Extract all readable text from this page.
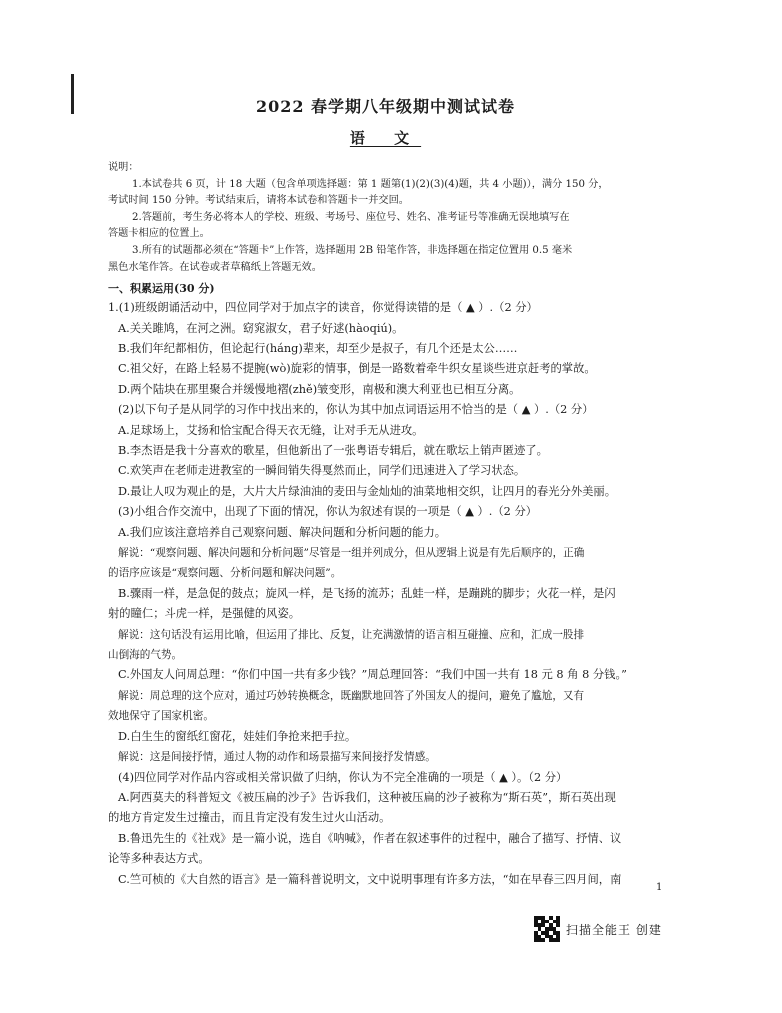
2022 春学期八年级期中测试试卷
语 文
说明：
1.本试卷共 6 页，计 18 大题（包含单项选择题：第 1 题第(1)(2)(3)(4)题，共 4 小题)），满分 150 分，
考试时间 150 分钟。考试结束后，请将本试卷和答题卡一并交回。
2.答题前，考生务必将本人的学校、班级、考场号、座位号、姓名、准考证号等准确无误地填写在
答题卡相应的位置上。
3.所有的试题都必须在“答题卡”上作答，选择题用 2B 铅笔作答，非选择题在指定位置用 0.5 毫米
黑色水笔作答。在试卷或者草稿纸上答题无效。
一、积累运用(30 分)
1.(1)班级朗诵活动中，四位同学对于加点字的读音，你觉得读错的是（ ▲ ）.（2 分）
A.关关雎鸠，在河之洲。窈窕淑女，君子好逑(hàoqiú)。
B.我们年纪都相仿，但论起行(háng)辈来，却至少是叔子，有几个还是太公……
C.祖父好，在路上轻易不提腕(wò)旋彩的情事，倒是一路数着牵牛织女星谈些进京赶考的掌故。
D.两个陆块在那里聚合并缓慢地褶(zhě)皱变形，南极和澳大利亚也已相互分离。
(2)以下句子是从同学的习作中找出来的，你认为其中加点词语运用不恰当的是（ ▲ ）.（2 分）
A.足球场上，艾扬和恰宝配合得天衣无缝，让对手无从进攻。
B.李杰语是我十分喜欢的歌星，但他新出了一张粤语专辑后，就在歌坛上销声匿迹了。
C.欢笑声在老师走进教室的一瞬间销失得戛然而止，同学们迅速进入了学习状态。
D.最让人叹为观止的是，大片大片绿油油的麦田与金灿灿的油菜地相交织，让四月的春光分外美丽。
(3)小组合作交流中，出现了下面的情况，你认为叙述有误的一项是（ ▲ ）.（2 分）
A.我们应该注意培养自己观察问题、解决问题和分析问题的能力。
解说：“观察问题、解决问题和分析问题”尽管是一组并列成分，但从逻辑上说是有先后顺序的，正确
的语序应该是“观察问题、分析问题和解决问题”。
B.骤雨一样，是急促的鼓点；旋风一样，是飞扬的流苏；乱蛙一样，是蹦跳的脚步；火花一样，是闪
射的瞳仁；斗虎一样，是强健的风姿。
解说：这句话没有运用比喻，但运用了排比、反复，让充满激情的语言相互碰撞、应和，汇成一股排
山倒海的气势。
C.外国友人问周总理：“你们中国一共有多少钱？”周总理回答：“我们中国一共有 18 元 8 角 8 分钱。”
解说：周总理的这个应对，通过巧妙转换概念，既幽默地回答了外国友人的提问，避免了尴尬，又有
效地保守了国家机密。
D.白生生的窗纸红窗花，娃娃们争抢来把手拉。
解说：这是间接抒情，通过人物的动作和场景描写来间接抒发情感。
(4)四位同学对作品内容或相关常识做了归纳，你认为不完全准确的一项是（ ▲ ）。（2 分）
A.阿西莫夫的科普短文《被压扁的沙子》告诉我们，这种被压扁的沙子被称为“斯石英”，斯石英出现
的地方肯定发生过撞击，而且肯定没有发生过火山活动。
B.鲁迅先生的《社戏》是一篇小说，选自《呐喊》，作者在叙述事件的过程中，融合了描写、抒情、议
论等多种表达方式。
C.竺可桢的《大自然的语言》是一篇科普说明文，文中说明事理有许多方法，“如在早春三四月间，南
1
扫描全能王 创建
